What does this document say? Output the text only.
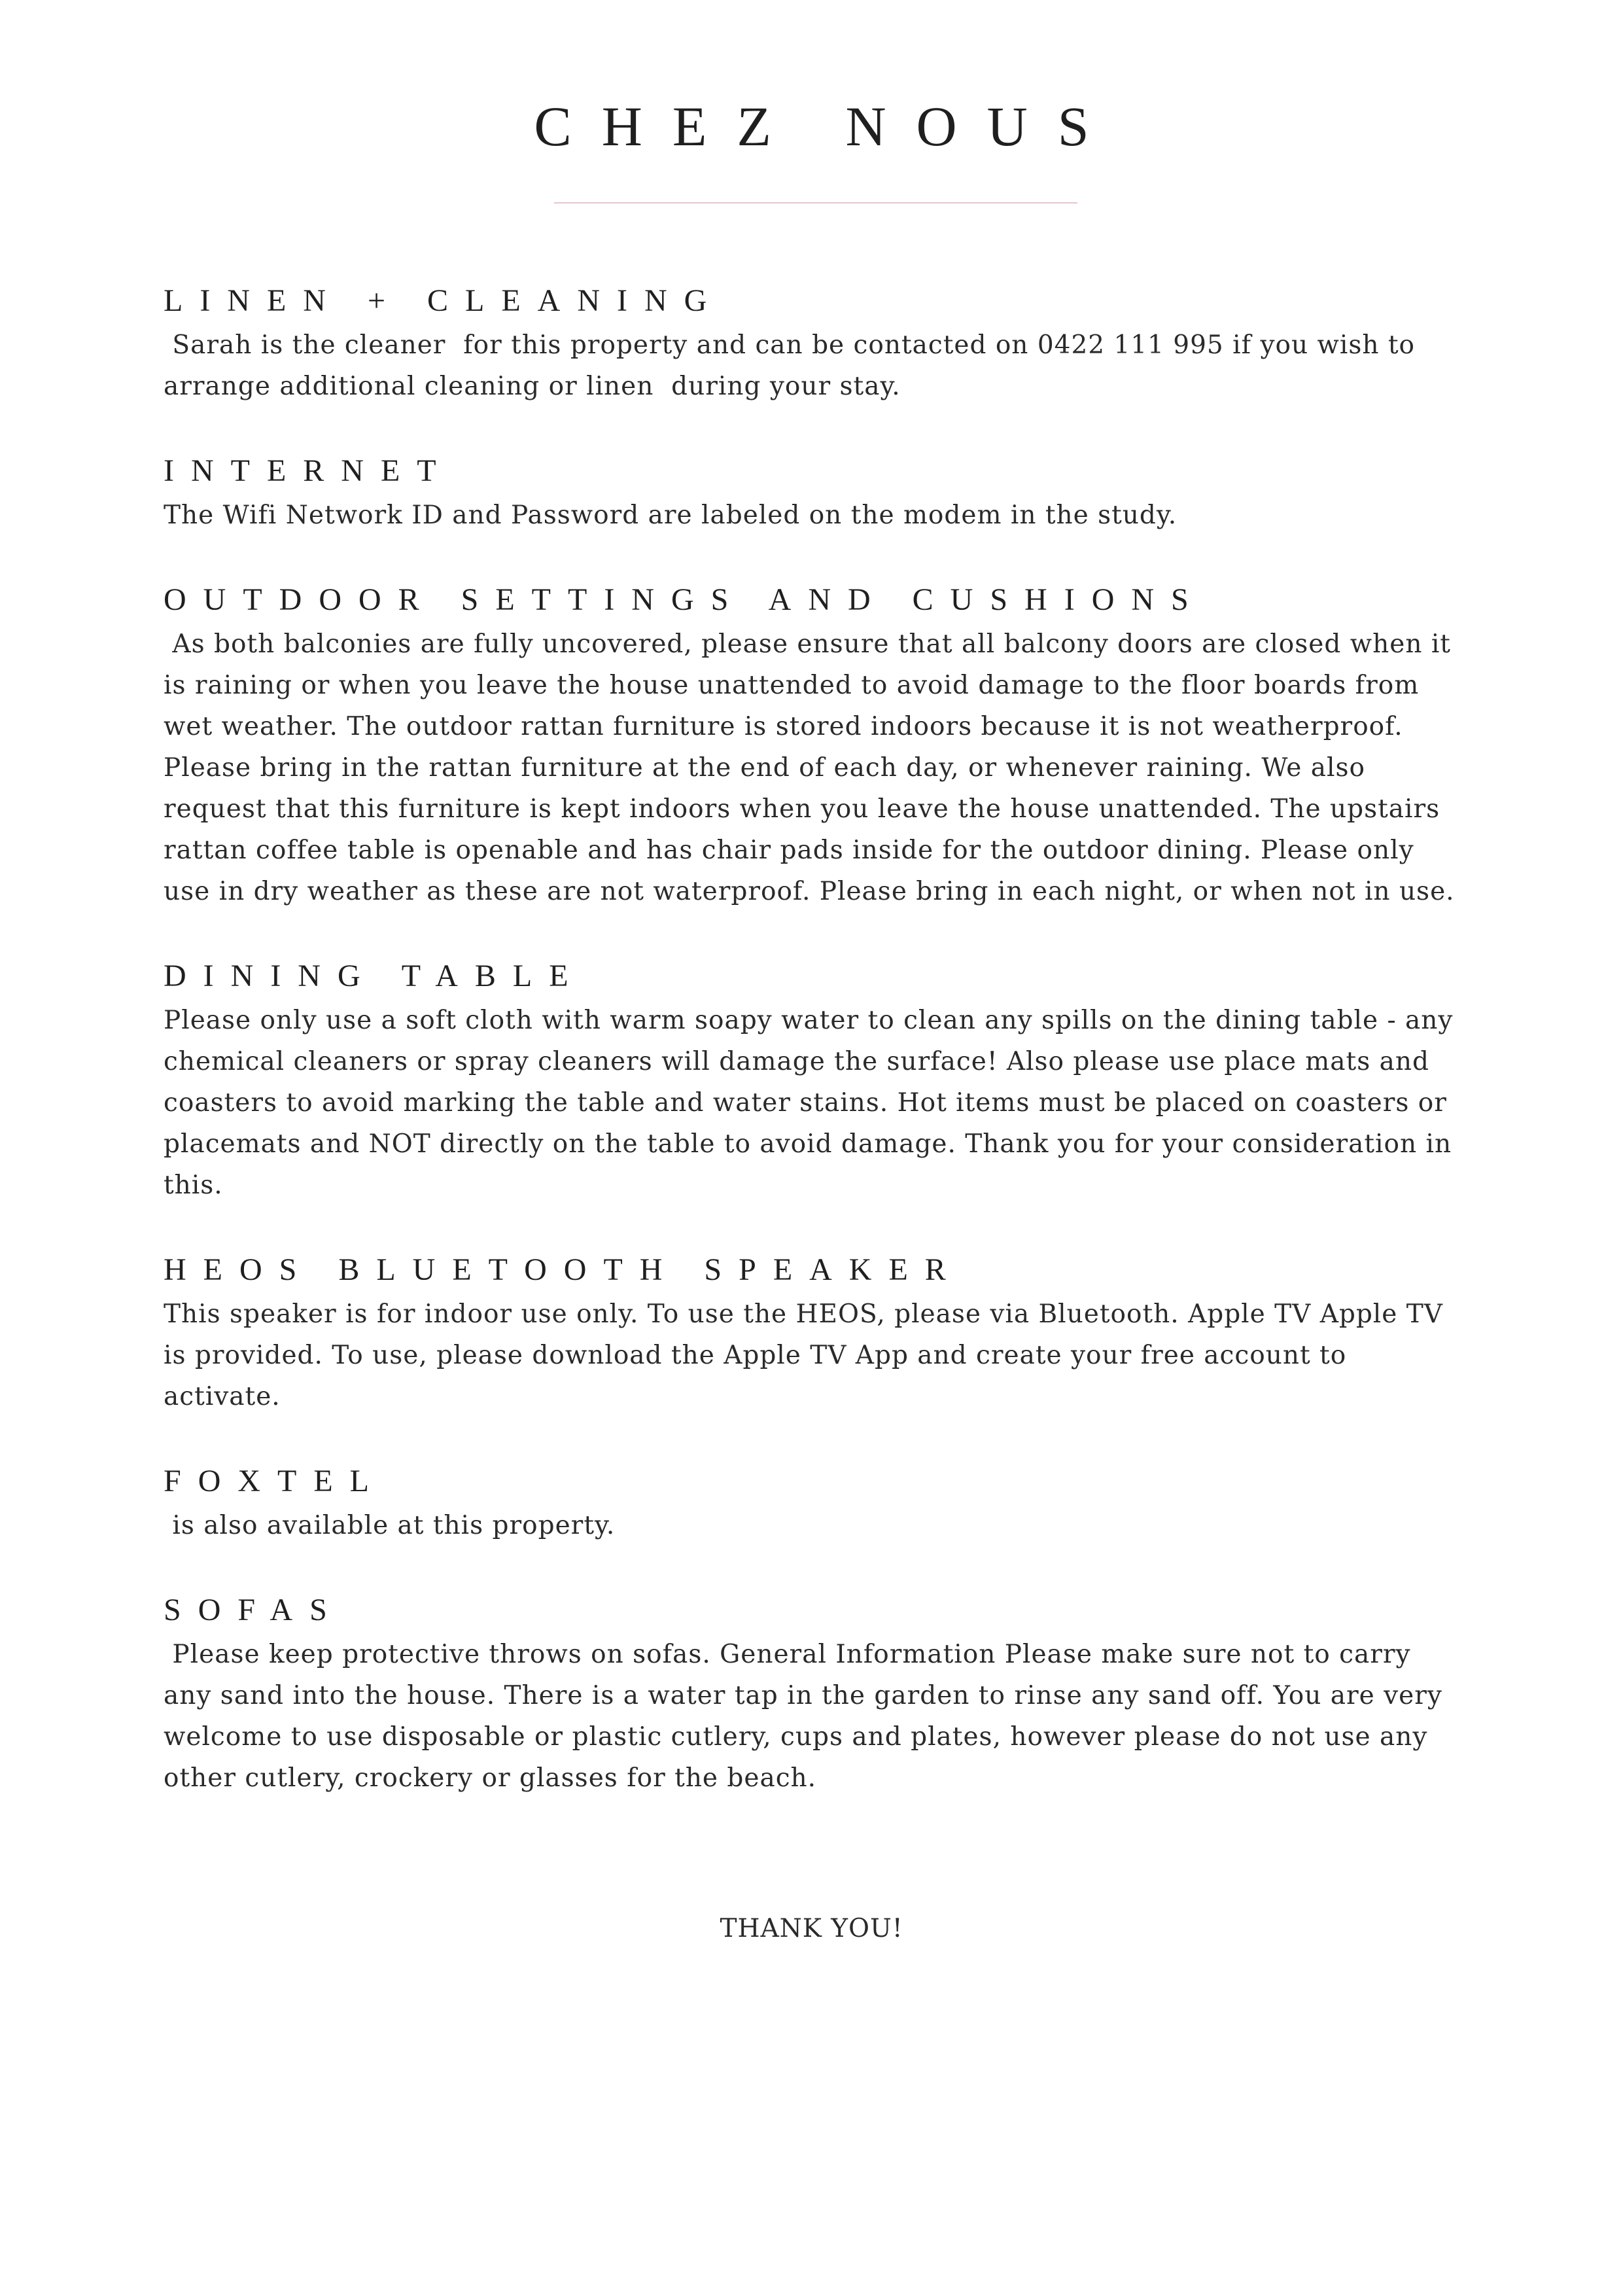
CHEZ NOUS
LINEN + CLEANING

Sarah is the cleaner  for this property and can be contacted on 0422 111 995 if you wish to arrange additional cleaning or linen  during your stay.

INTERNET

The Wifi Network ID and Password are labeled on the modem in the study.

OUTDOOR SETTINGS AND CUSHIONS

As both balconies are fully uncovered, please ensure that all balcony doors are closed when it is raining or when you leave the house unattended to avoid damage to the floor boards from wet weather. The outdoor rattan furniture is stored indoors because it is not weatherproof. Please bring in the rattan furniture at the end of each day, or whenever raining. We also request that this furniture is kept indoors when you leave the house unattended. The upstairs rattan coffee table is openable and has chair pads inside for the outdoor dining. Please only use in dry weather as these are not waterproof. Please bring in each night, or when not in use.

DINING TABLE

Please only use a soft cloth with warm soapy water to clean any spills on the dining table - any chemical cleaners or spray cleaners will damage the surface! Also please use place mats and coasters to avoid marking the table and water stains. Hot items must be placed on coasters or placemats and NOT directly on the table to avoid damage. Thank you for your consideration in this.

HEOS BLUETOOTH SPEAKER

This speaker is for indoor use only. To use the HEOS, please via Bluetooth. Apple TV Apple TV is provided. To use, please download the Apple TV App and create your free account to activate.

FOXTEL

is also available at this property.

SOFAS

Please keep protective throws on sofas. General Information Please make sure not to carry any sand into the house. There is a water tap in the garden to rinse any sand off. You are very welcome to use disposable or plastic cutlery, cups and plates, however please do not use any other cutlery, crockery or glasses for the beach.

THANK YOU!
